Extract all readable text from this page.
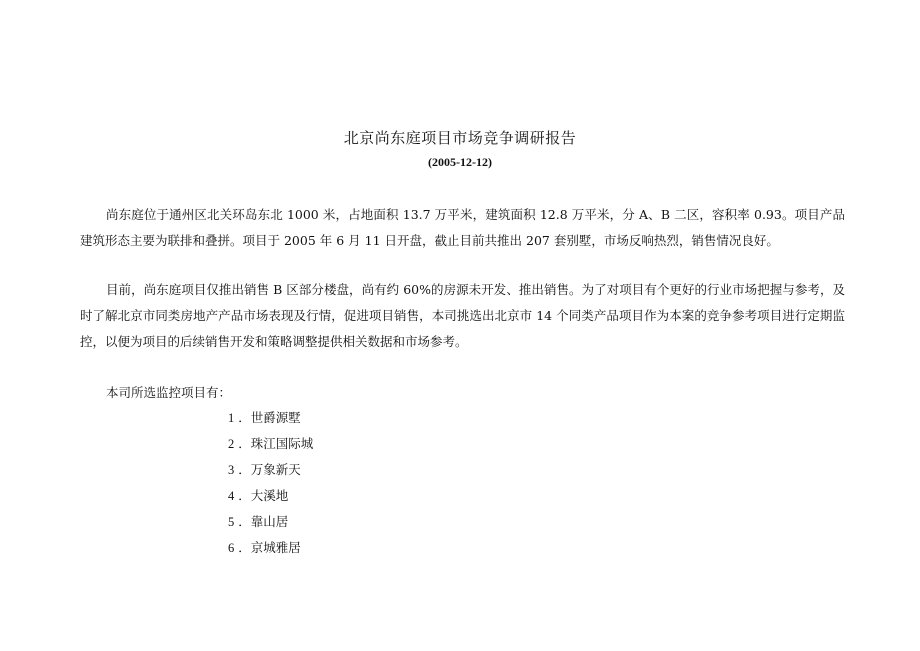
北京尚东庭项目市场竞争调研报告
(2005-12-12)

尚东庭位于通州区北关环岛东北 1000 米，占地面积 13.7 万平米，建筑面积 12.8 万平米，分 A、B 二区，容积率 0.93。项目产品建筑形态主要为联排和叠拼。项目于 2005 年 6 月 11 日开盘，截止目前共推出 207 套别墅，市场反响热烈，销售情况良好。

目前，尚东庭项目仅推出销售 B 区部分楼盘，尚有约 60%的房源未开发、推出销售。为了对项目有个更好的行业市场把握与参考，及时了解北京市同类房地产产品市场表现及行情，促进项目销售，本司挑选出北京市 14 个同类产品项目作为本案的竞争参考项目进行定期监控，以便为项目的后续销售开发和策略调整提供相关数据和市场参考。

本司所选监控项目有：
1 ．世爵源墅
2 ．珠江国际城
3 ．万象新天
4 ．大溪地
5 ．靠山居
6 ．京城雅居
